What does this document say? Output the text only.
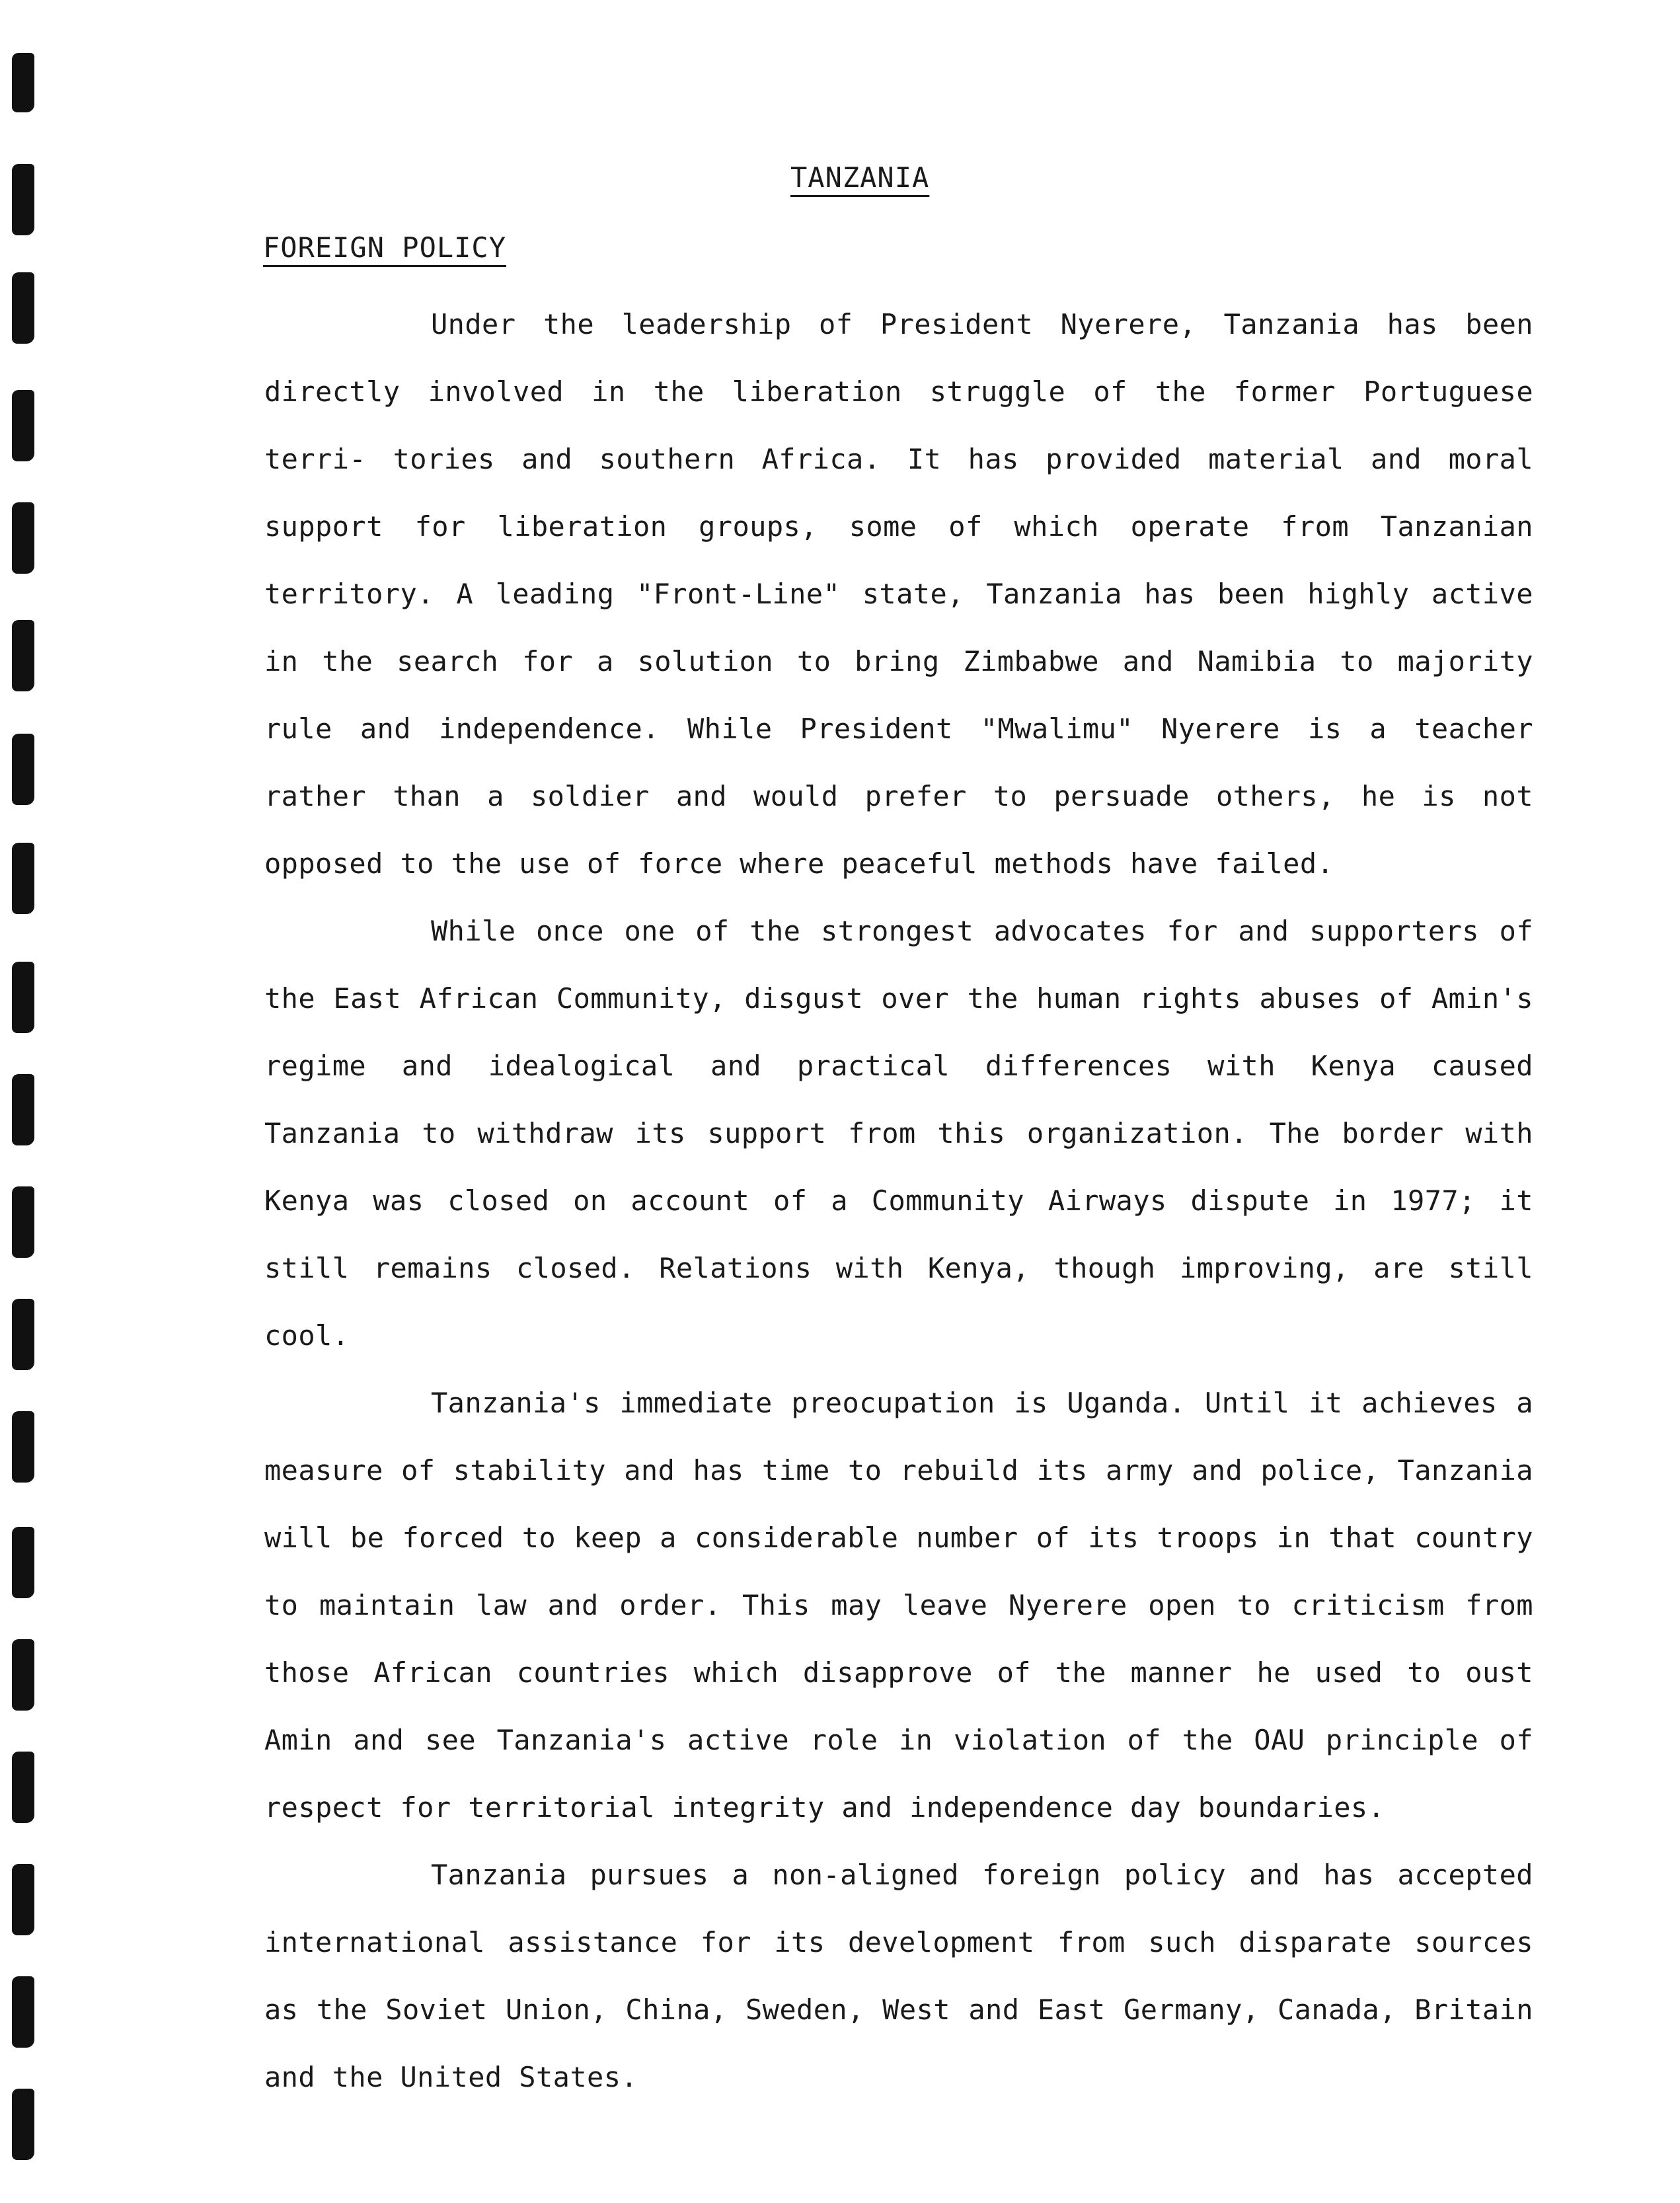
TANZANIA
FOREIGN POLICY

Under the leadership of President Nyerere, Tanzania has been directly involved in the liberation struggle of the former Portuguese terri- tories and southern Africa. It has provided material and moral support for liberation groups, some of which operate from Tanzanian territory. A leading "Front-Line" state, Tanzania has been highly active in the search for a solution to bring Zimbabwe and Namibia to majority rule and independence. While President "Mwalimu" Nyerere is a teacher rather than a soldier and would prefer to persuade others, he is not opposed to the use of force where peaceful methods have failed.

While once one of the strongest advocates for and supporters of the East African Community, disgust over the human rights abuses of Amin's regime and idealogical and practical differences with Kenya caused Tanzania to withdraw its support from this organization. The border with Kenya was closed on account of a Community Airways dispute in 1977; it still remains closed. Relations with Kenya, though improving, are still cool.

Tanzania's immediate preocupation is Uganda. Until it achieves a measure of stability and has time to rebuild its army and police, Tanzania will be forced to keep a considerable number of its troops in that country to maintain law and order. This may leave Nyerere open to criticism from those African countries which disapprove of the manner he used to oust Amin and see Tanzania's active role in violation of the OAU principle of respect for territorial integrity and independence day boundaries.

Tanzania pursues a non-aligned foreign policy and has accepted international assistance for its development from such disparate sources as the Soviet Union, China, Sweden, West and East Germany, Canada, Britain and the United States.
